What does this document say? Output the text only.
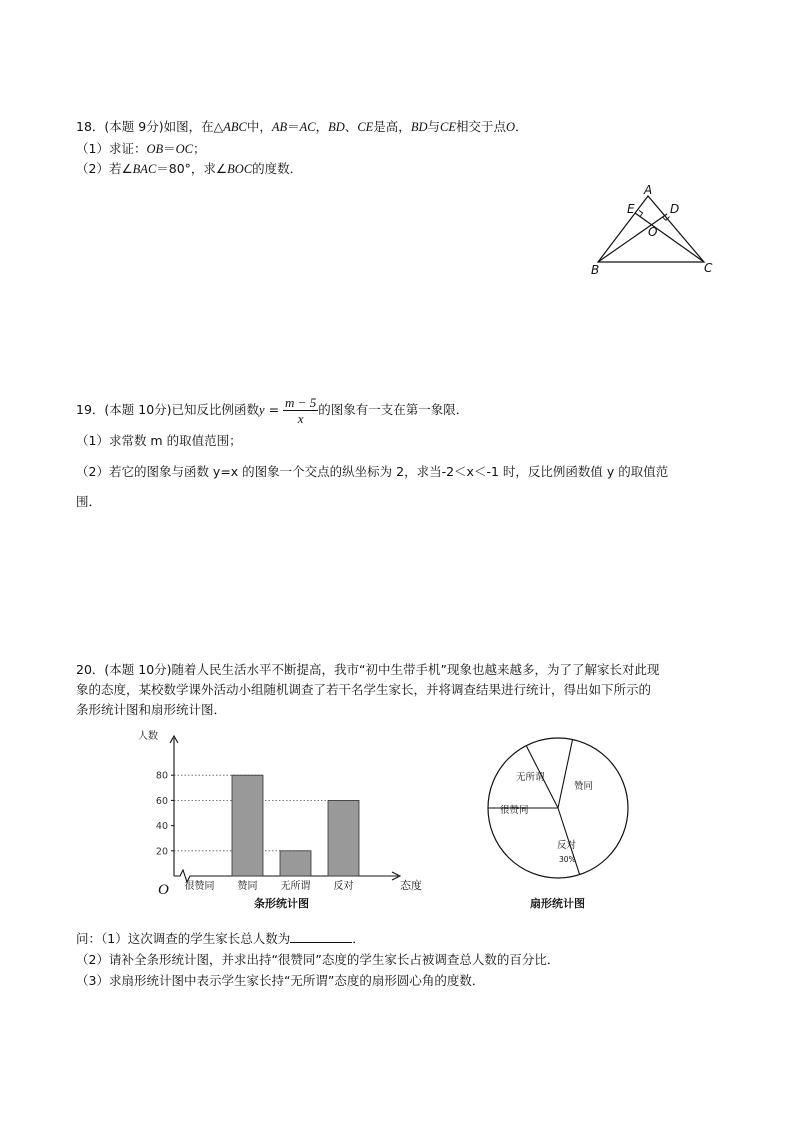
18．(本题 9分)如图，在△ABC中，AB＝AC，BD、CE是高，BD与CE相交于点O．
（1）求证：OB＝OC；
（2）若∠BAC＝80°，求∠BOC的度数．
A
B	C
D
E
O
19．(本题 10分)已知反比例函数$y = \frac{m - 5}{x}$ 的图象有一支在第一象限．
（1）求常数 m 的取值范围；
（2）若它的图象与函数 y=x 的图象一个交点的纵坐标为 2，求当-2＜x＜-1 时，反比例函数值 y 的取值范
围．
20．(本题 10分)随着人民生活水平不断提高，我市“初中生带手机”现象也越来越多，为了了解家长对此现
象的态度，某校数学课外活动小组随机调查了若干名学生家长，并将调查结果进行统计，得出如下所示的
条形统计图和扇形统计图．
20
40
60
80
很赞同 赞同 无所谓 反对
人数
态度
O
条形统计图
赞同
反对
30%
很赞同
无所谓
扇形统计图
问：（1）这次调查的学生家长总人数为	．
（2）请补全条形统计图，并求出持“很赞同”态度的学生家长占被调查总人数的百分比．
（3）求扇形统计图中表示学生家长持“无所谓”态度的扇形圆心角的度数．
